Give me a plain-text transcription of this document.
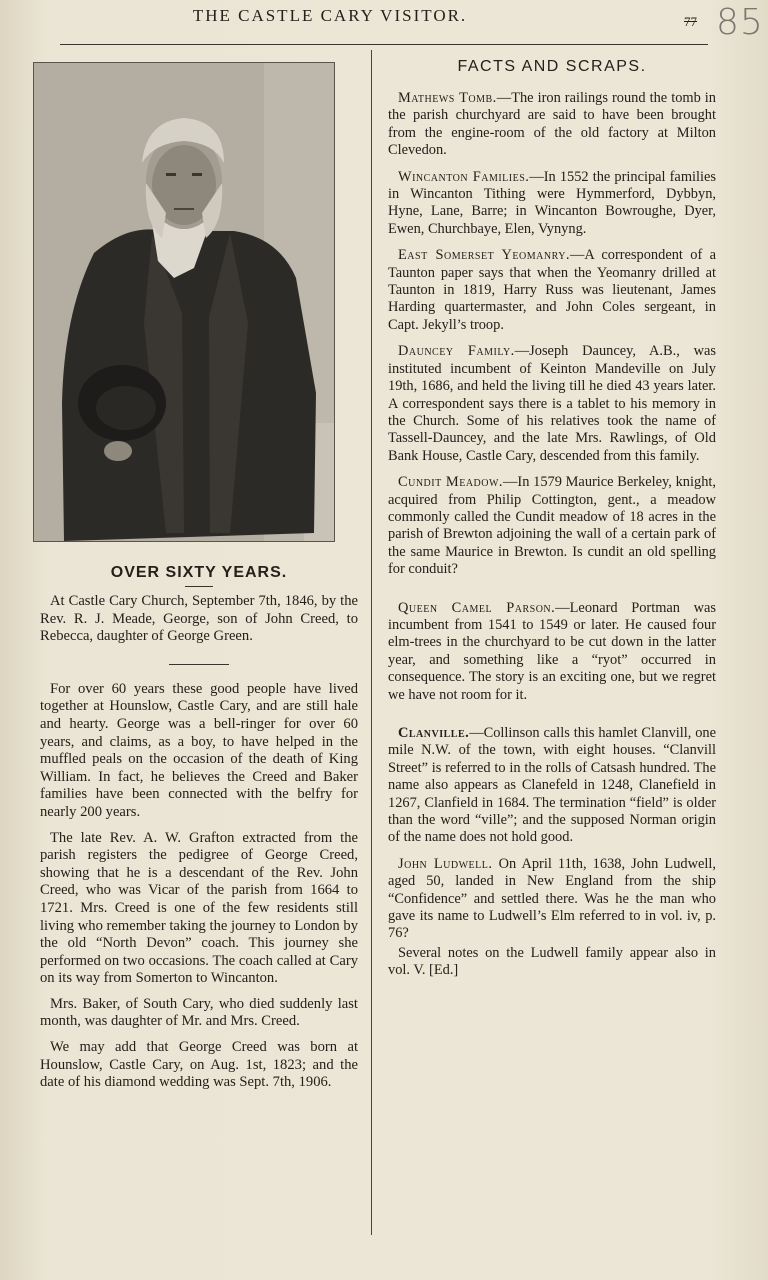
THE CASTLE CARY VISITOR.	77 85
OVER SIXTY YEARS.

At Castle Cary Church, September 7th, 1846, by the Rev. R. J. Meade, George, son of John Creed, to Rebecca, daughter of George Green.

For over 60 years these good people have lived together at Hounslow, Castle Cary, and are still hale and hearty. George was a bell-ringer for over 60 years, and claims, as a boy, to have helped in the muffled peals on the occasion of the death of King William. In fact, he believes the Creed and Baker families have been connected with the belfry for nearly 200 years.

The late Rev. A. W. Grafton extracted from the parish registers the pedigree of George Creed, showing that he is a descendant of the Rev. John Creed, who was Vicar of the parish from 1664 to 1721. Mrs. Creed is one of the few residents still living who remember taking the journey to London by the old “North Devon” coach. This journey she performed on two occasions. The coach called at Cary on its way from Somerton to Wincanton.

Mrs. Baker, of South Cary, who died suddenly last month, was daughter of Mr. and Mrs. Creed.

We may add that George Creed was born at Hounslow, Castle Cary, on Aug. 1st, 1823; and the date of his diamond wedding was Sept. 7th, 1906.

FACTS AND SCRAPS.

Mathews Tomb.—The iron railings round the tomb in the parish churchyard are said to have been brought from the engine-room of the old factory at Milton Clevedon.

Wincanton Families.—In 1552 the principal families in Wincanton Tithing were Hymmerford, Dybbyn, Hyne, Lane, Barre; in Wincanton Bowroughe, Dyer, Ewen, Churchbaye, Elen, Vynyng.

East Somerset Yeomanry.—A correspondent of a Taunton paper says that when the Yeomanry drilled at Taunton in 1819, Harry Russ was lieutenant, James Harding quartermaster, and John Coles sergeant, in Capt. Jekyll’s troop.

Dauncey Family.—Joseph Dauncey, A.B., was instituted incumbent of Keinton Mandeville on July 19th, 1686, and held the living till he died 43 years later. A correspondent says there is a tablet to his memory in the Church. Some of his relatives took the name of Tassell-Dauncey, and the late Mrs. Rawlings, of Old Bank House, Castle Cary, descended from this family.

Cundit Meadow.—In 1579 Maurice Berkeley, knight, acquired from Philip Cottington, gent., a meadow commonly called the Cundit meadow of 18 acres in the parish of Brewton adjoining the wall of a certain park of the same Maurice in Brewton. Is cundit an old spelling for conduit?

Queen Camel Parson.—Leonard Portman was incumbent from 1541 to 1549 or later. He caused four elm-trees in the churchyard to be cut down in the latter year, and something like a “ryot” occurred in consequence. The story is an exciting one, but we regret we have not room for it.

Clanville.—Collinson calls this hamlet Clanvill, one mile N.W. of the town, with eight houses. “Clanvill Street” is referred to in the rolls of Catsash hundred. The name also appears as Clanefeld in 1248, Clanefield in 1267, Clanfield in 1684. The termination “field” is older than the word “ville”; and the supposed Norman origin of the name does not hold good.

John Ludwell. On April 11th, 1638, John Ludwell, aged 50, landed in New England from the ship “Confidence” and settled there. Was he the man who gave its name to Ludwell’s Elm referred to in vol. iv, p. 76?

Several notes on the Ludwell family appear also in vol. V. [Ed.]
